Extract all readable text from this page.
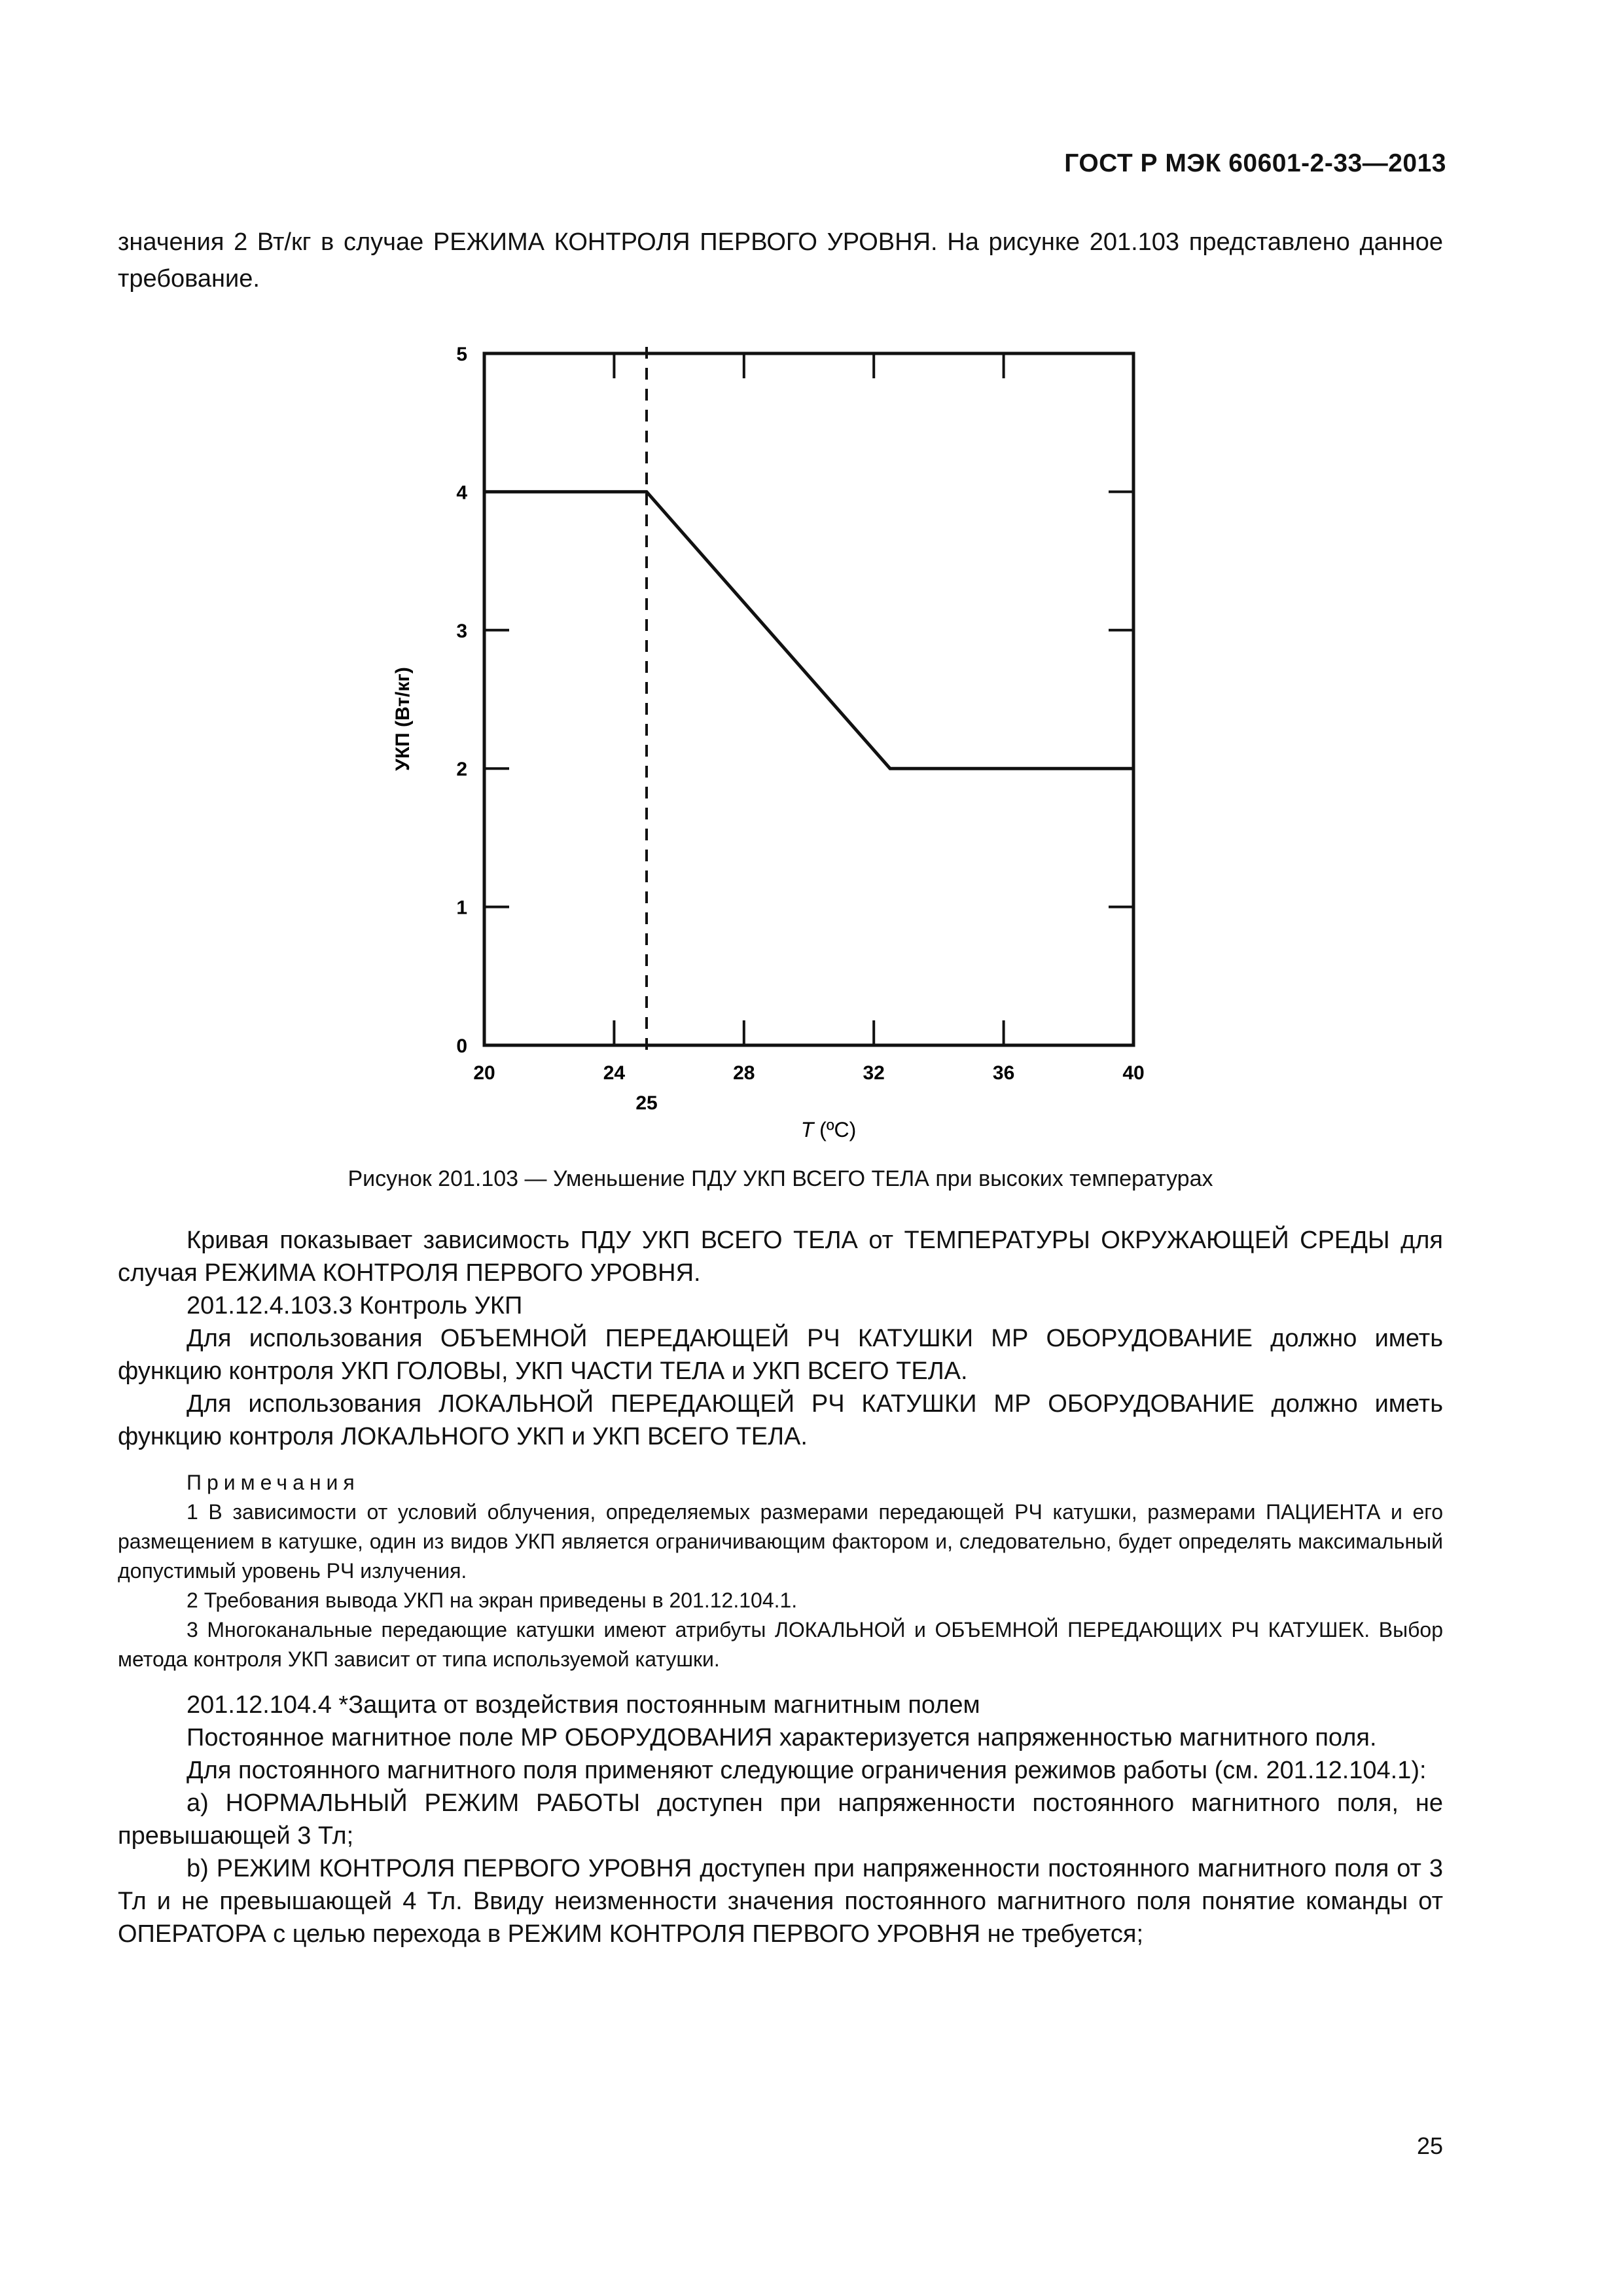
ГОСТ Р МЭК 60601-2-33—2013
значения 2 Вт/кг в случае РЕЖИМА КОНТРОЛЯ ПЕРВОГО УРОВНЯ. На рисунке 201.103 представлено данное требование.
20	24	28	32	36	40
0
1
2
3
4
5
25
T (ºC)
УКП (Вт/кг)
Рисунок 201.103 — Уменьшение ПДУ УКП ВСЕГО ТЕЛА при высоких температурах

Кривая показывает зависимость ПДУ УКП ВСЕГО ТЕЛА от ТЕМПЕРАТУРЫ ОКРУЖАЮЩЕЙ СРЕДЫ для случая РЕЖИМА КОНТРОЛЯ ПЕРВОГО УРОВНЯ.

201.12.4.103.3 Контроль УКП

Для использования ОБЪЕМНОЙ ПЕРЕДАЮЩЕЙ РЧ КАТУШКИ МР ОБОРУДОВАНИЕ должно иметь функцию контроля УКП ГОЛОВЫ, УКП ЧАСТИ ТЕЛА и УКП ВСЕГО ТЕЛА.

Для использования ЛОКАЛЬНОЙ ПЕРЕДАЮЩЕЙ РЧ КАТУШКИ МР ОБОРУДОВАНИЕ должно иметь функцию контроля ЛОКАЛЬНОГО УКП и УКП ВСЕГО ТЕЛА.

Примечания

1 В зависимости от условий облучения, определяемых размерами передающей РЧ катушки, размерами ПАЦИЕНТА и его размещением в катушке, один из видов УКП является ограничивающим фактором и, следовательно, будет определять максимальный допустимый уровень РЧ излучения.

2 Требования вывода УКП на экран приведены в 201.12.104.1.

3 Многоканальные передающие катушки имеют атрибуты ЛОКАЛЬНОЙ и ОБЪЕМНОЙ ПЕРЕДАЮЩИХ РЧ КАТУШЕК. Выбор метода контроля УКП зависит от типа используемой катушки.

201.12.104.4 *Защита от воздействия постоянным магнитным полем

Постоянное магнитное поле МР ОБОРУДОВАНИЯ характеризуется напряженностью магнитного поля.

Для постоянного магнитного поля применяют следующие ограничения режимов работы (см. 201.12.104.1):

a) НОРМАЛЬНЫЙ РЕЖИМ РАБОТЫ доступен при напряженности постоянного магнитного поля, не превышающей 3 Тл;

b) РЕЖИМ КОНТРОЛЯ ПЕРВОГО УРОВНЯ доступен при напряженности постоянного магнитного поля от 3 Тл и не превышающей 4 Тл. Ввиду неизменности значения постоянного магнитного поля понятие команды от ОПЕРАТОРА с целью перехода в РЕЖИМ КОНТРОЛЯ ПЕРВОГО УРОВНЯ не требуется;

25
